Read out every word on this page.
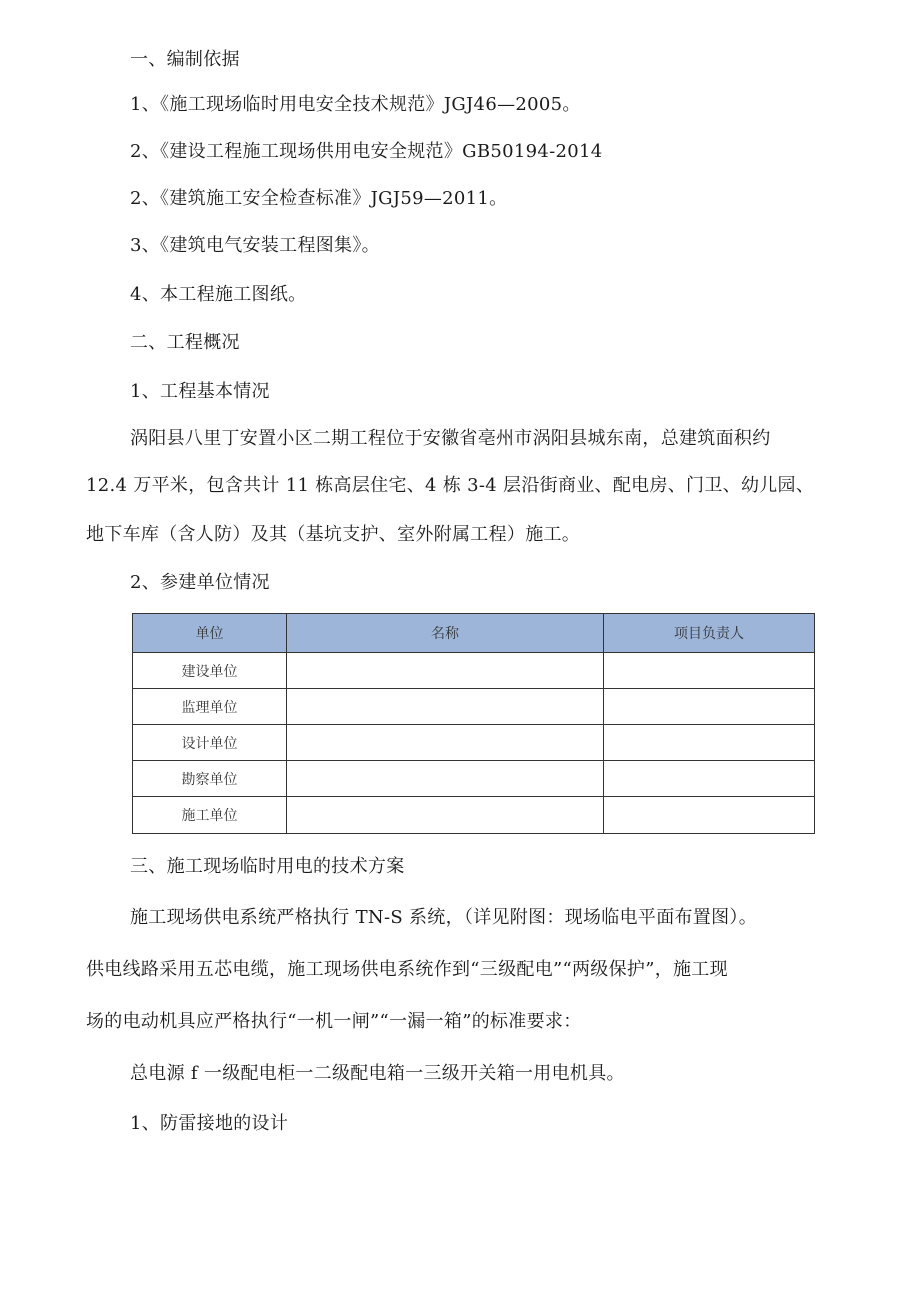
一、编制依据
1、《施工现场临时用电安全技术规范》JGJ46—2005。
2、《建设工程施工现场供用电安全规范》GB50194-2014
2、《建筑施工安全检查标准》JGJ59—2011。
3、《建筑电气安装工程图集》。
4、本工程施工图纸。
二、工程概况
1、工程基本情况
涡阳县八里丁安置小区二期工程位于安徽省亳州市涡阳县城东南，总建筑面积约
12.4 万平米，包含共计 11 栋高层住宅、4 栋 3-4 层沿街商业、配电房、门卫、幼儿园、
地下车库（含人防）及其（基坑支护、室外附属工程）施工。
2、参建单位情况
单位	名称	项目负责人
建设单位		
监理单位		
设计单位		
勘察单位		
施工单位		
三、施工现场临时用电的技术方案
施工现场供电系统严格执行 TN-S 系统，（详见附图：现场临电平面布置图）。
供电线路采用五芯电缆，施工现场供电系统作到“三级配电”“两级保护”，施工现
场的电动机具应严格执行“一机一闸”“一漏一箱”的标准要求：
总电源 f 一级配电柜一二级配电箱一三级开关箱一用电机具。
1、防雷接地的设计
